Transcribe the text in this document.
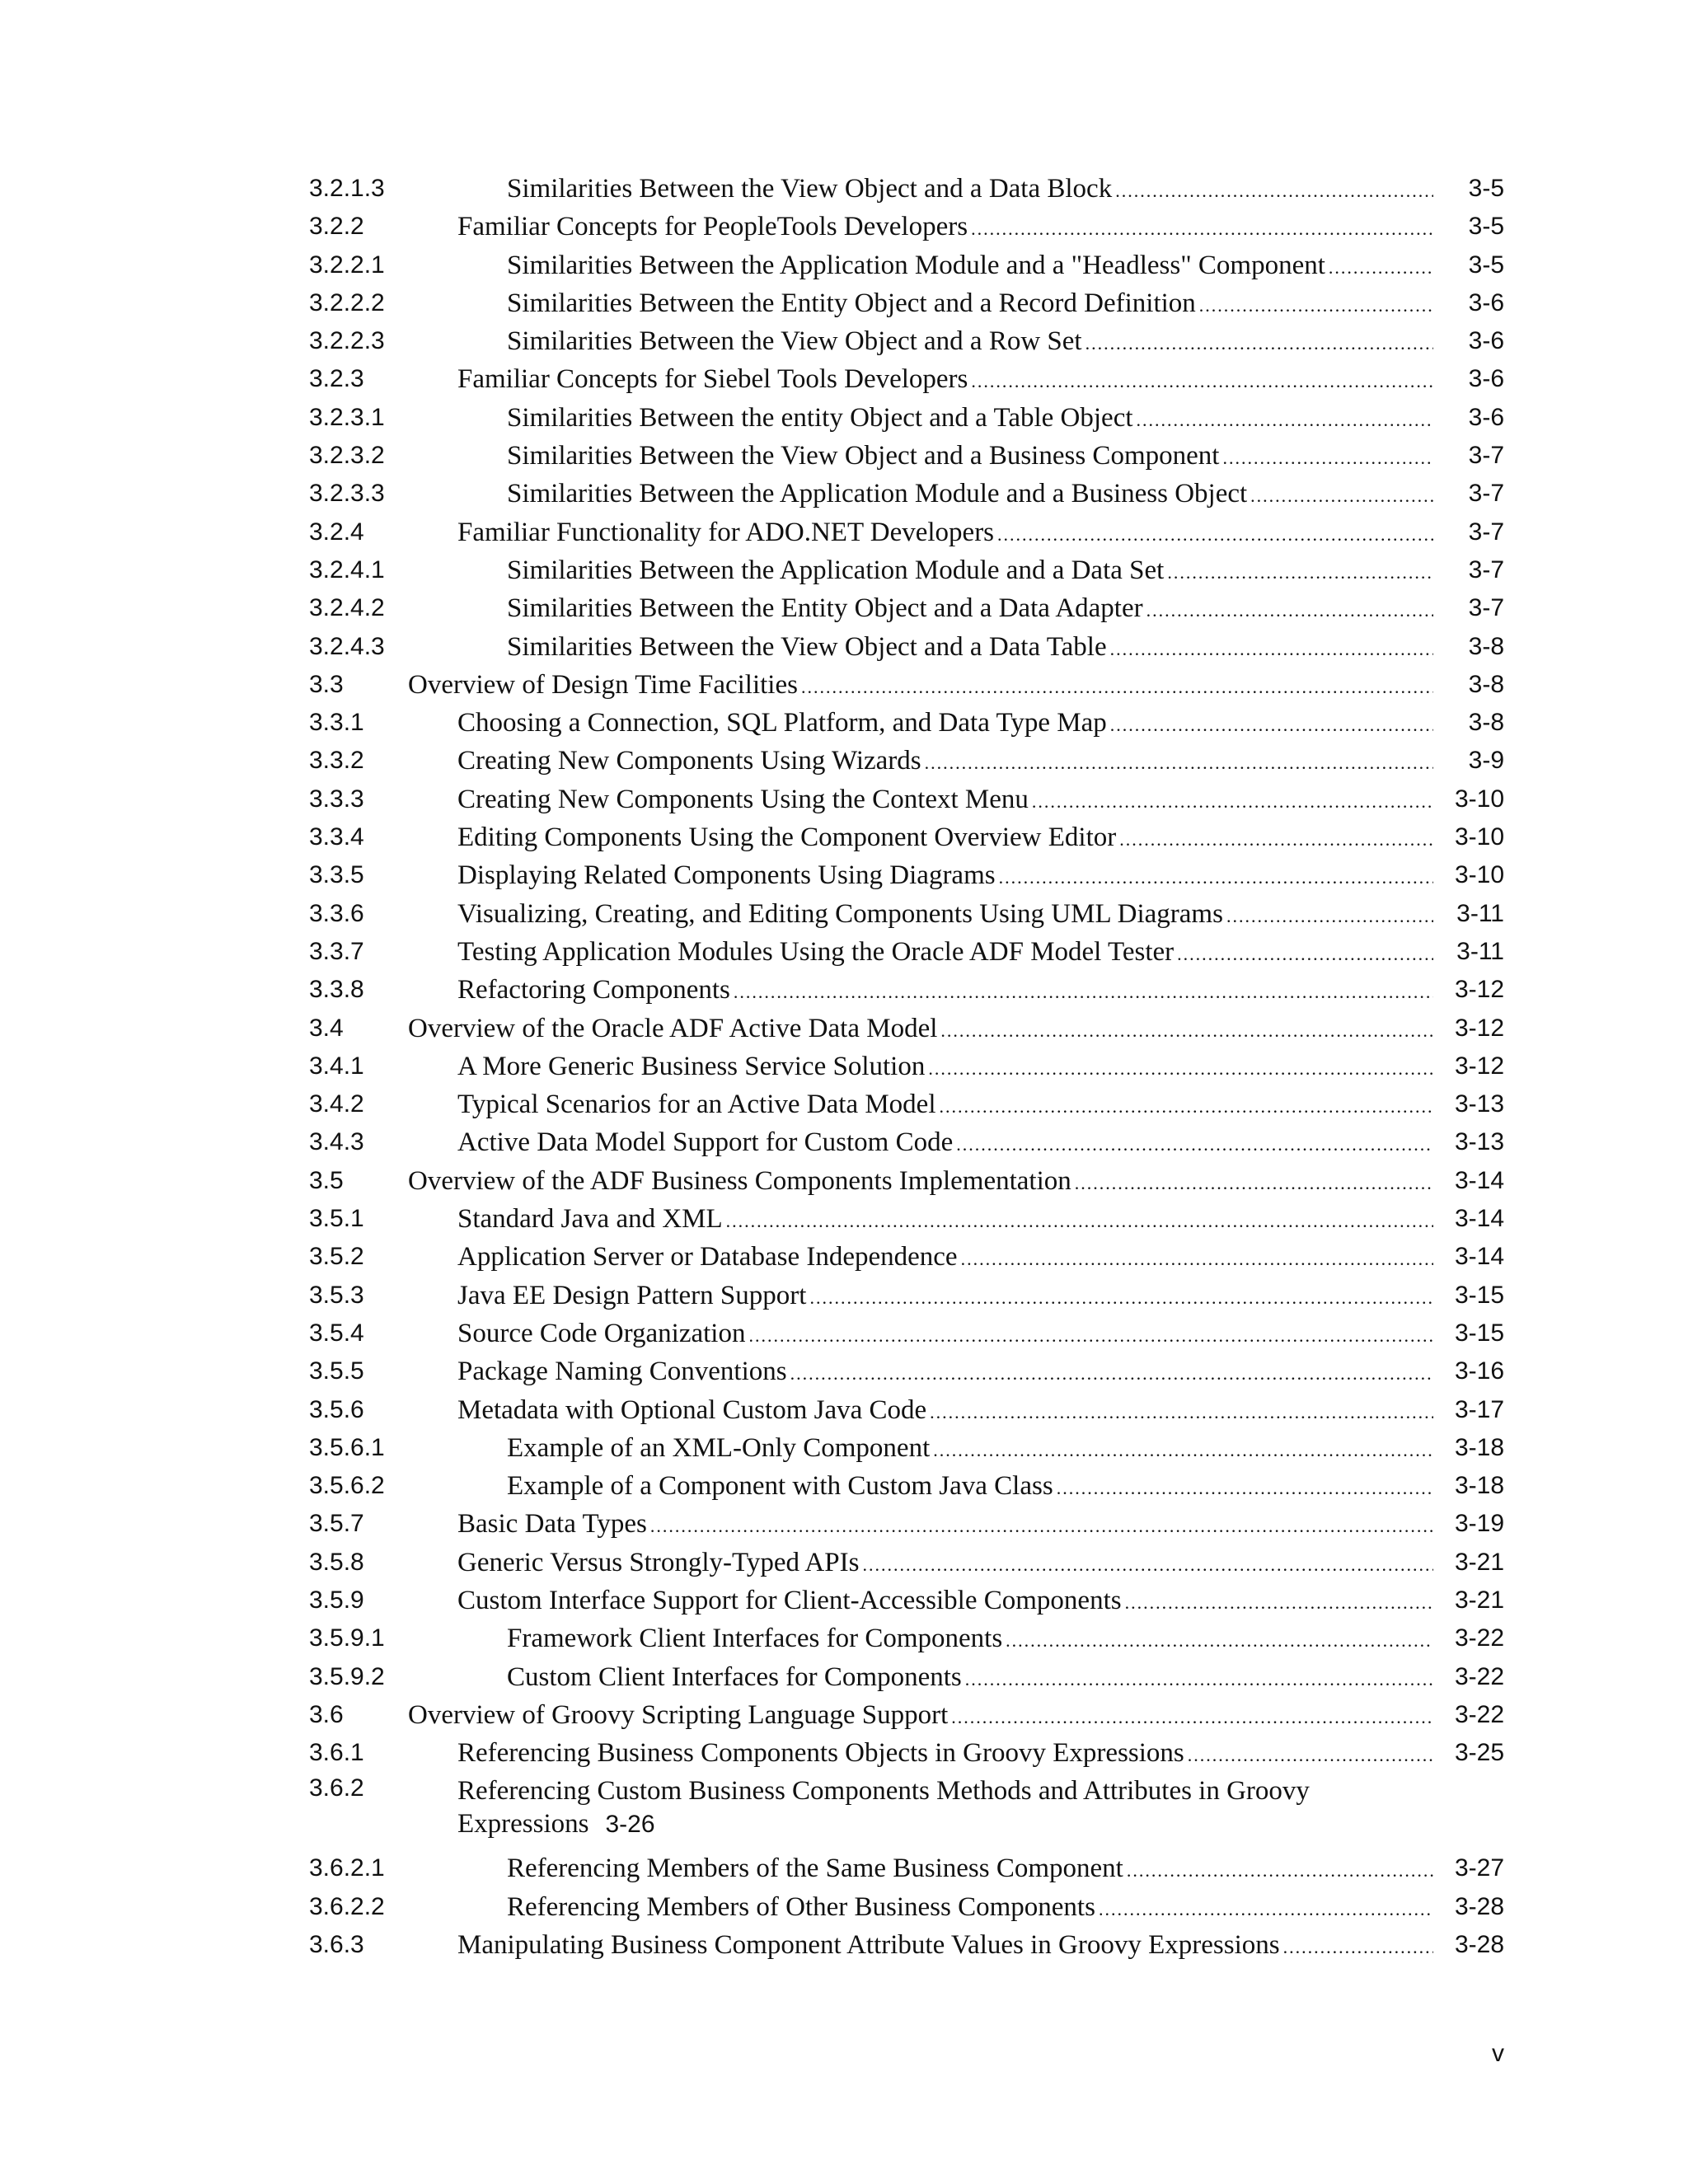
3.2.1.3	Similarities Between the View Object and a Data Block .....	3-5
3.2.2	Familiar Concepts for PeopleTools Developers .....	3-5
3.2.2.1	Similarities Between the Application Module and a "Headless" Component .....	3-5
3.2.2.2	Similarities Between the Entity Object and a Record Definition .....	3-6
3.2.2.3	Similarities Between the View Object and a Row Set .....	3-6
3.2.3	Familiar Concepts for Siebel Tools Developers .....	3-6
3.2.3.1	Similarities Between the entity Object and a Table Object .....	3-6
3.2.3.2	Similarities Between the View Object and a Business Component .....	3-7
3.2.3.3	Similarities Between the Application Module and a Business Object .....	3-7
3.2.4	Familiar Functionality for ADO.NET Developers .....	3-7
3.2.4.1	Similarities Between the Application Module and a Data Set .....	3-7
3.2.4.2	Similarities Between the Entity Object and a Data Adapter .....	3-7
3.2.4.3	Similarities Between the View Object and a Data Table .....	3-8
3.3 Overview of Design Time Facilities .....	3-8
3.3.1	Choosing a Connection, SQL Platform, and Data Type Map .....	3-8
3.3.2	Creating New Components Using Wizards .....	3-9
3.3.3	Creating New Components Using the Context Menu .....	3-10
3.3.4	Editing Components Using the Component Overview Editor .....	3-10
3.3.5	Displaying Related Components Using Diagrams .....	3-10
3.3.6	Visualizing, Creating, and Editing Components Using UML Diagrams .....	3-11
3.3.7	Testing Application Modules Using the Oracle ADF Model Tester .....	3-11
3.3.8	Refactoring Components .....	3-12
3.4 Overview of the Oracle ADF Active Data Model .....	3-12
3.4.1	A More Generic Business Service Solution .....	3-12
3.4.2	Typical Scenarios for an Active Data Model .....	3-13
3.4.3	Active Data Model Support for Custom Code .....	3-13
3.5 Overview of the ADF Business Components Implementation .....	3-14
3.5.1	Standard Java and XML .....	3-14
3.5.2	Application Server or Database Independence .....	3-14
3.5.3	Java EE Design Pattern Support .....	3-15
3.5.4	Source Code Organization .....	3-15
3.5.5	Package Naming Conventions .....	3-16
3.5.6	Metadata with Optional Custom Java Code .....	3-17
3.5.6.1	Example of an XML-Only Component .....	3-18
3.5.6.2	Example of a Component with Custom Java Class .....	3-18
3.5.7	Basic Data Types .....	3-19
3.5.8	Generic Versus Strongly-Typed APIs .....	3-21
3.5.9	Custom Interface Support for Client-Accessible Components .....	3-21
3.5.9.1	Framework Client Interfaces for Components .....	3-22
3.5.9.2	Custom Client Interfaces for Components .....	3-22
3.6 Overview of Groovy Scripting Language Support .....	3-22
3.6.1	Referencing Business Components Objects in Groovy Expressions .....	3-25
3.6.2	Referencing Custom Business Components Methods and Attributes in Groovy Expressions 3-26
3.6.2.1	Referencing Members of the Same Business Component .....	3-27
3.6.2.2	Referencing Members of Other Business Components .....	3-28
3.6.3	Manipulating Business Component Attribute Values in Groovy Expressions .....	3-28
v
